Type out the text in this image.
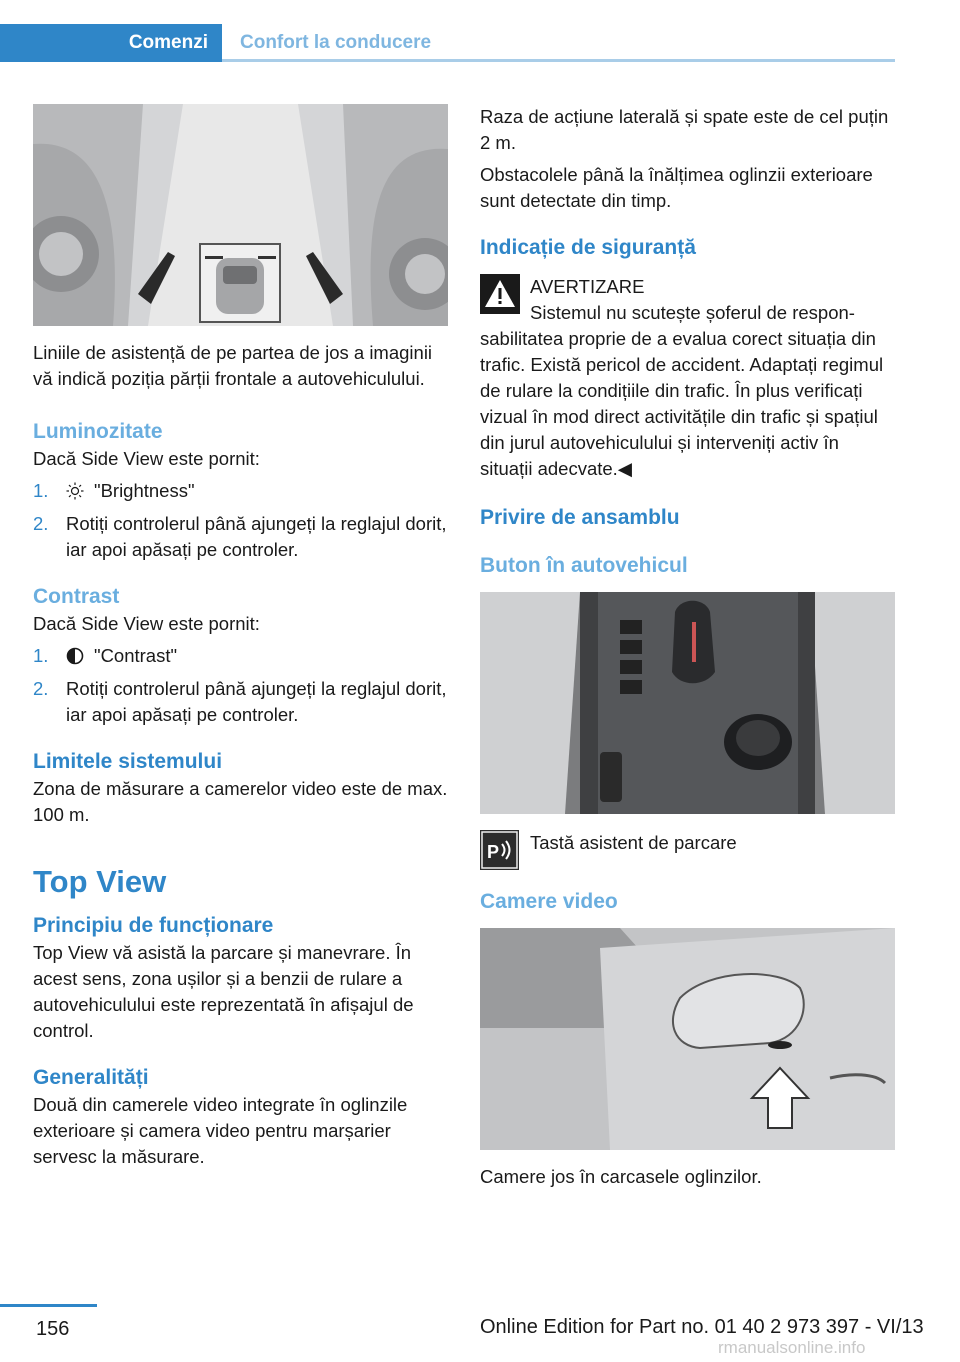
Comenzi	Confort la conducere

Liniile de asistență de pe partea de jos a imaginii vă indică poziția părții frontale a autovehiculului.

Luminozitate

Dacă Side View este pornit:

1. "Brightness"
2. Rotiți controlerul până ajungeți la reglajul dorit, iar apoi apăsați pe controler.
Contrast

Dacă Side View este pornit:

1. "Contrast"
2. Rotiți controlerul până ajungeți la reglajul dorit, iar apoi apăsați pe controler.
Limitele sistemului

Zona de măsurare a camerelor video este de max. 100 m.

Top View
Principiu de funcționare

Top View vă asistă la parcare și manevrare. În acest sens, zona ușilor și a benzii de rulare a autovehiculului este reprezentată în afișajul de control.

Generalități

Două din camerele video integrate în oglinzile exterioare și camera video pentru marșarier servesc la măsurare.

Raza de acțiune laterală și spate este de cel puțin 2 m.

Obstacolele până la înălțimea oglinzii exterioare sunt detectate din timp.

Indicație de siguranță
AVERTIZARE
Sistemul nu scutește șoferul de responsabilitatea proprie de a evalua corect situația din trafic. Există pericol de accident. Adaptați regimul de rulare la condițiile din trafic. În plus verificați vizual în mod direct activitățile din trafic și spațiul din jurul autovehiculului și interveniți activ în situații adecvate.◀
Privire de ansamblu
Buton în autovehicul
P Tastă asistent de parcare
Camere video

Camere jos în carcasele oglinzilor.

156	Online Edition for Part no. 01 40 2 973 397 - VI/13
rmanualsonline.info
